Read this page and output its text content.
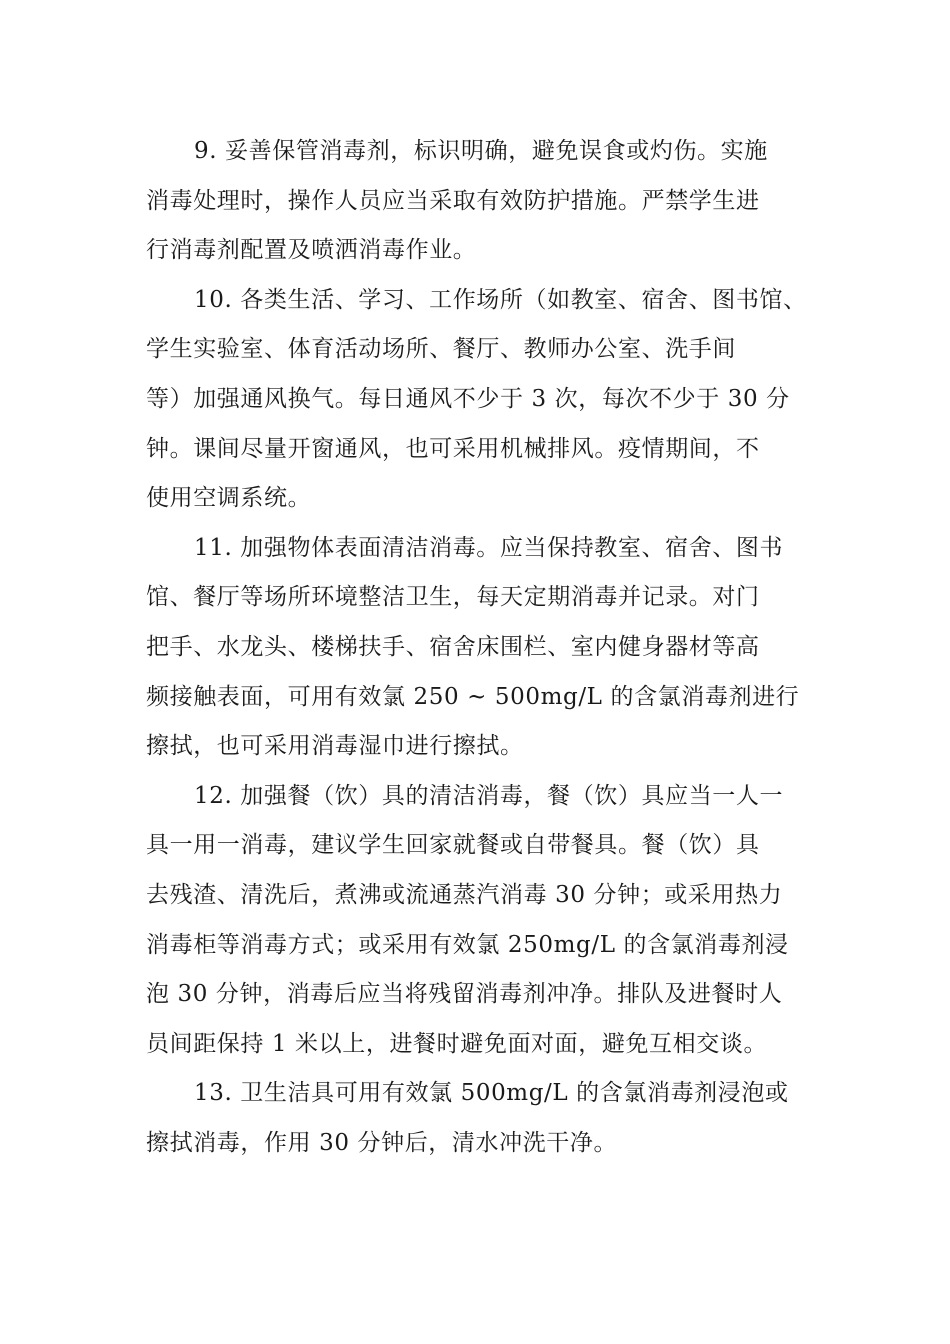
9. 妥善保管消毒剂，标识明确，避免误食或灼伤。实施
消毒处理时，操作人员应当采取有效防护措施。严禁学生进
行消毒剂配置及喷洒消毒作业。
10. 各类生活、学习、工作场所（如教室、宿舍、图书馆、
学生实验室、体育活动场所、餐厅、教师办公室、洗手间
等）加强通风换气。每日通风不少于 3 次，每次不少于 30 分
钟。课间尽量开窗通风，也可采用机械排风。疫情期间，不
使用空调系统。
11. 加强物体表面清洁消毒。应当保持教室、宿舍、图书
馆、餐厅等场所环境整洁卫生，每天定期消毒并记录。对门
把手、水龙头、楼梯扶手、宿舍床围栏、室内健身器材等高
频接触表面，可用有效氯 250 ~ 500mg/L 的含氯消毒剂进行
擦拭，也可采用消毒湿巾进行擦拭。
12. 加强餐（饮）具的清洁消毒，餐（饮）具应当一人一
具一用一消毒，建议学生回家就餐或自带餐具。餐（饮）具
去残渣、清洗后，煮沸或流通蒸汽消毒 30 分钟；或采用热力
消毒柜等消毒方式；或采用有效氯 250mg/L 的含氯消毒剂浸
泡 30 分钟，消毒后应当将残留消毒剂冲净。排队及进餐时人
员间距保持 1 米以上，进餐时避免面对面，避免互相交谈。
13. 卫生洁具可用有效氯 500mg/L 的含氯消毒剂浸泡或
擦拭消毒，作用 30 分钟后，清水冲洗干净。
